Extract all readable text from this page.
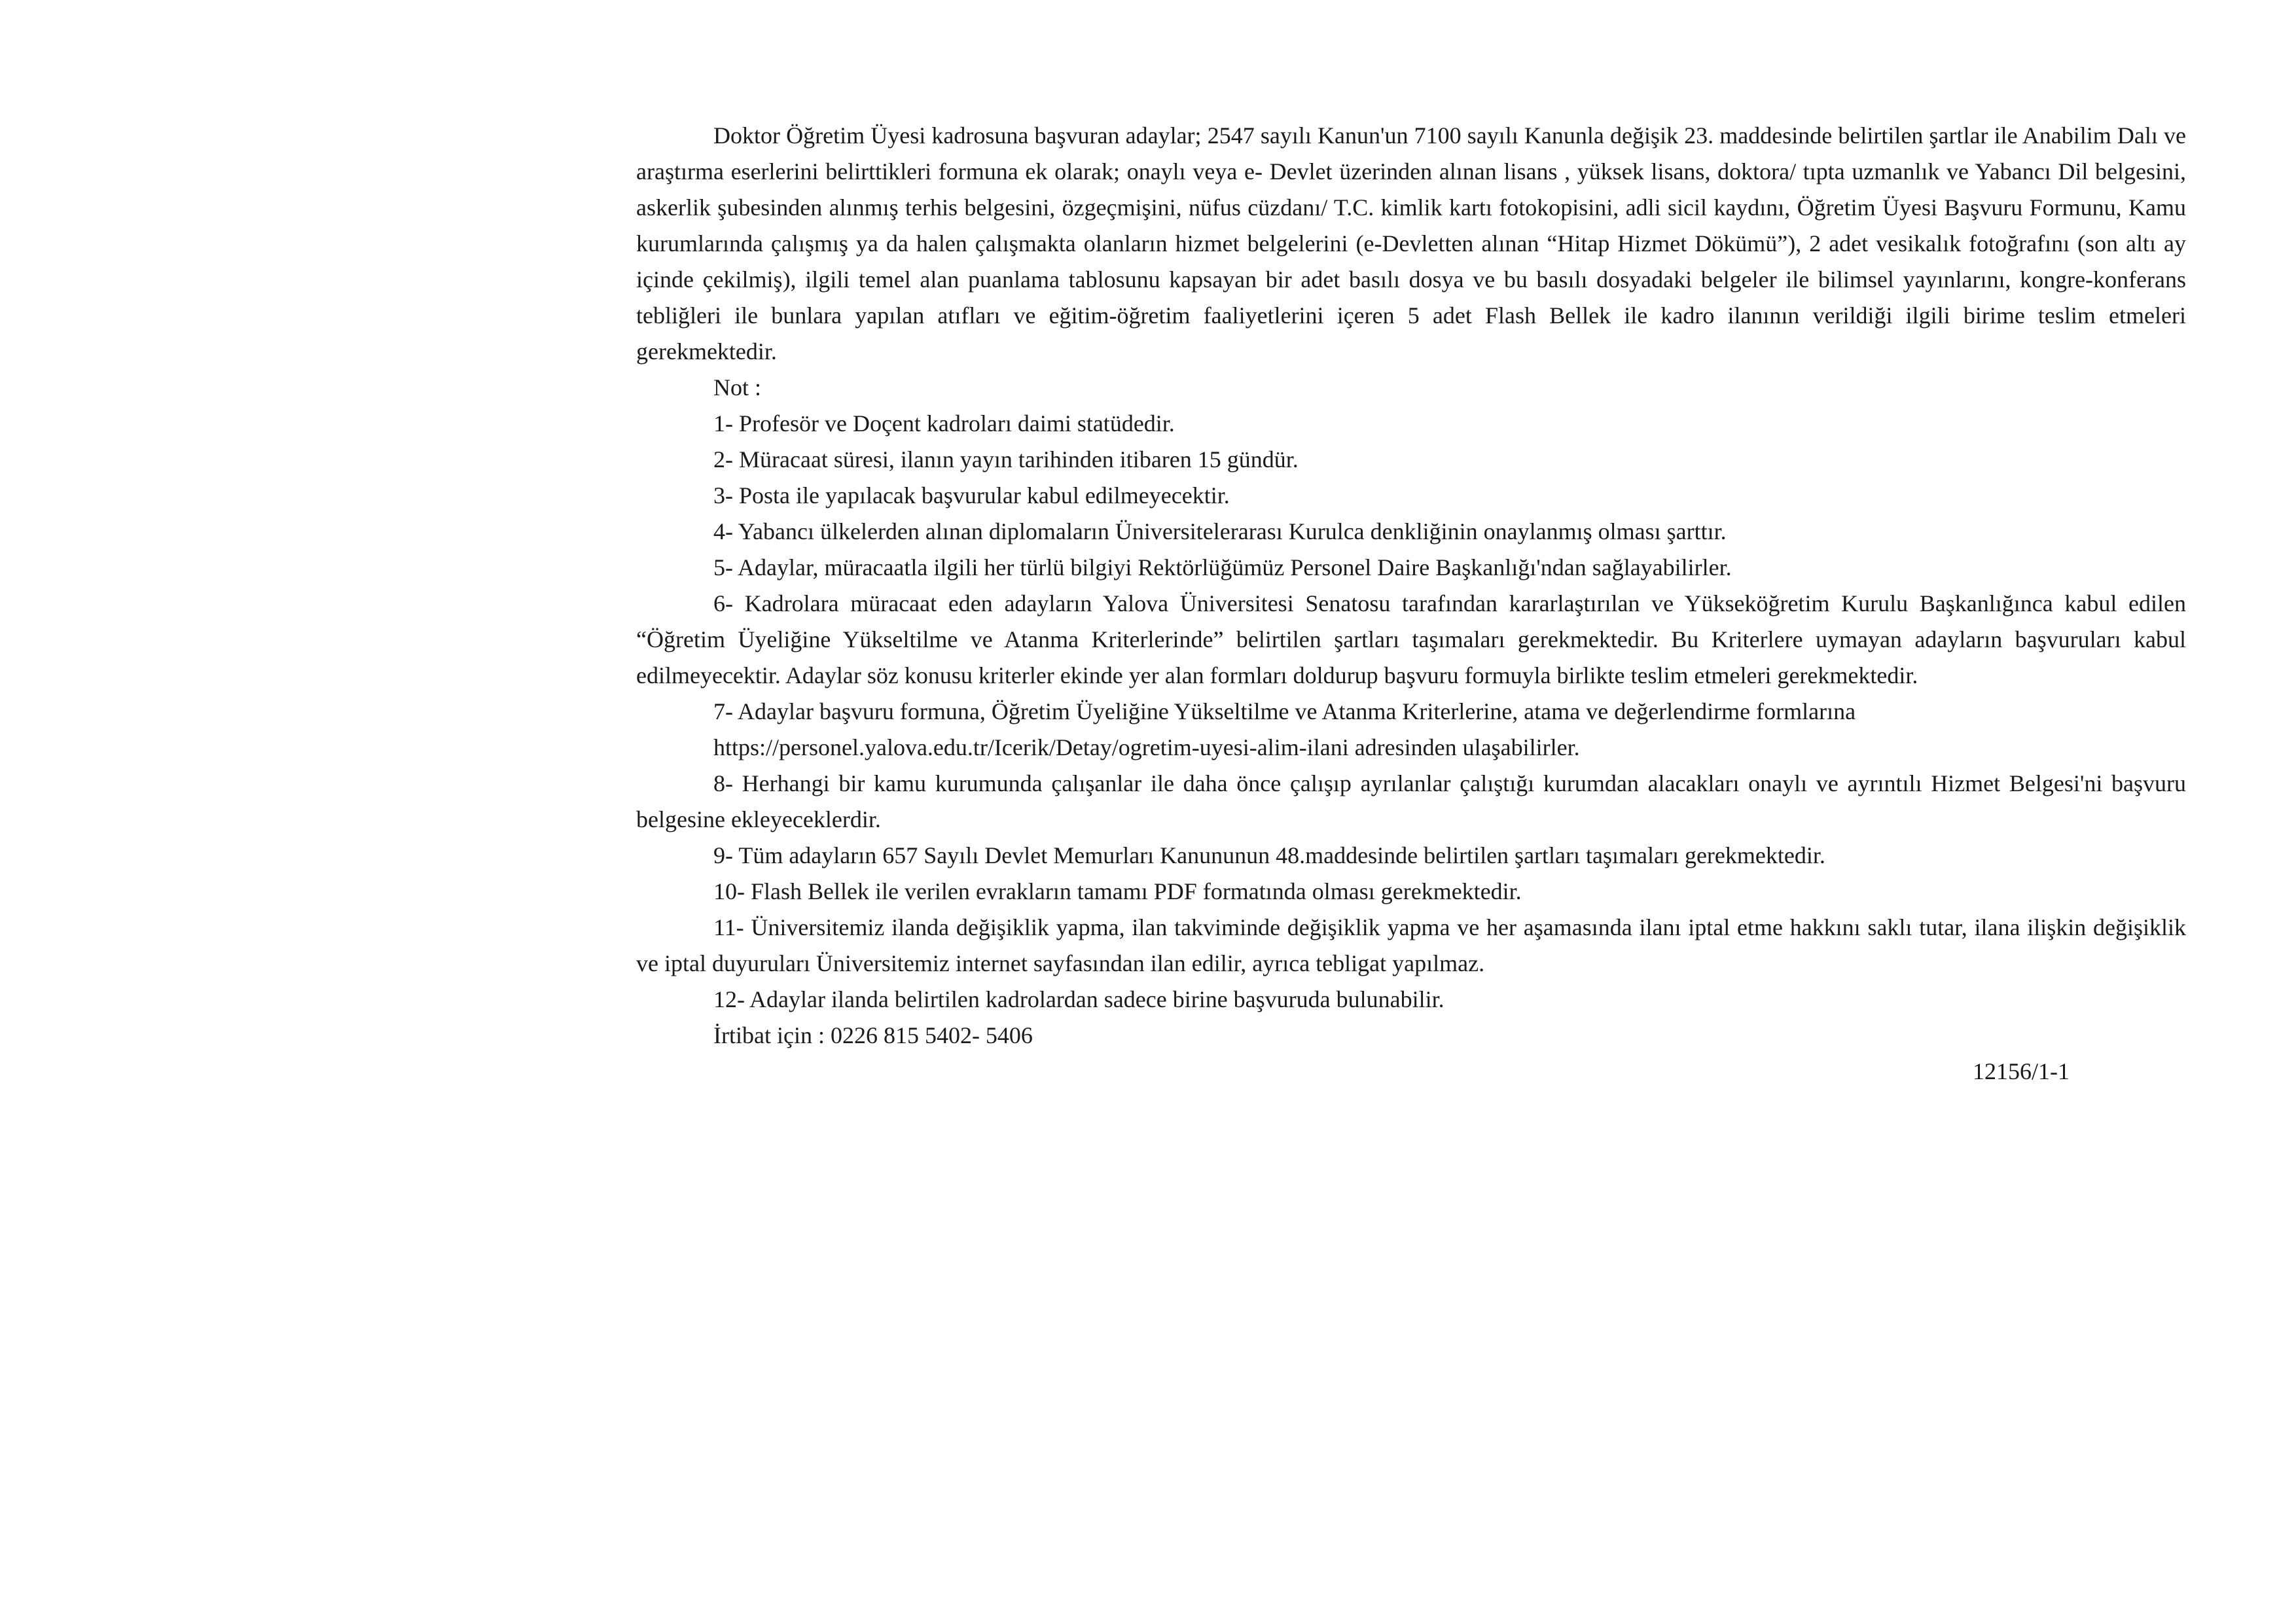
Doktor Öğretim Üyesi kadrosuna başvuran adaylar; 2547 sayılı Kanun'un 7100 sayılı Kanunla değişik 23. maddesinde belirtilen şartlar ile Anabilim Dalı ve araştırma eserlerini belirttikleri formuna ek olarak; onaylı veya e- Devlet üzerinden alınan lisans , yüksek lisans, doktora/ tıpta uzmanlık ve Yabancı Dil belgesini, askerlik şubesinden alınmış terhis belgesini, özgeçmişini, nüfus cüzdanı/ T.C. kimlik kartı fotokopisini, adli sicil kaydını, Öğretim Üyesi Başvuru Formunu, Kamu kurumlarında çalışmış ya da halen çalışmakta olanların hizmet belgelerini (e-Devletten alınan “Hitap Hizmet Dökümü”), 2 adet vesikalık fotoğrafını (son altı ay içinde çekilmiş), ilgili temel alan puanlama tablosunu kapsayan bir adet basılı dosya ve bu basılı dosyadaki belgeler ile bilimsel yayınlarını, kongre-konferans tebliğleri ile bunlara yapılan atıfları ve eğitim-öğretim faaliyetlerini içeren 5 adet Flash Bellek ile kadro ilanının verildiği ilgili birime teslim etmeleri gerekmektedir.

Not :

1- Profesör ve Doçent kadroları daimi statüdedir.

2- Müracaat süresi, ilanın yayın tarihinden itibaren 15 gündür.

3- Posta ile yapılacak başvurular kabul edilmeyecektir.

4- Yabancı ülkelerden alınan diplomaların Üniversitelerarası Kurulca denkliğinin onaylanmış olması şarttır.

5- Adaylar, müracaatla ilgili her türlü bilgiyi Rektörlüğümüz Personel Daire Başkanlığı'ndan sağlayabilirler.

6- Kadrolara müracaat eden adayların Yalova Üniversitesi Senatosu tarafından kararlaştırılan ve Yükseköğretim Kurulu Başkanlığınca kabul edilen “Öğretim Üyeliğine Yükseltilme ve Atanma Kriterlerinde” belirtilen şartları taşımaları gerekmektedir. Bu Kriterlere uymayan adayların başvuruları kabul edilmeyecektir. Adaylar söz konusu kriterler ekinde yer alan formları doldurup başvuru formuyla birlikte teslim etmeleri gerekmektedir.

7- Adaylar başvuru formuna, Öğretim Üyeliğine Yükseltilme ve Atanma Kriterlerine, atama ve değerlendirme formlarına

https://personel.yalova.edu.tr/Icerik/Detay/ogretim-uyesi-alim-ilani adresinden ulaşabilirler.

8- Herhangi bir kamu kurumunda çalışanlar ile daha önce çalışıp ayrılanlar çalıştığı kurumdan alacakları onaylı ve ayrıntılı Hizmet Belgesi'ni başvuru belgesine ekleyeceklerdir.

9- Tüm adayların 657 Sayılı Devlet Memurları Kanununun 48.maddesinde belirtilen şartları taşımaları gerekmektedir.

10- Flash Bellek ile verilen evrakların tamamı PDF formatında olması gerekmektedir.

11- Üniversitemiz ilanda değişiklik yapma, ilan takviminde değişiklik yapma ve her aşamasında ilanı iptal etme hakkını saklı tutar, ilana ilişkin değişiklik ve iptal duyuruları Üniversitemiz internet sayfasından ilan edilir, ayrıca tebligat yapılmaz.

12- Adaylar ilanda belirtilen kadrolardan sadece birine başvuruda bulunabilir.

İrtibat için : 0226 815 5402- 5406

12156/1-1
